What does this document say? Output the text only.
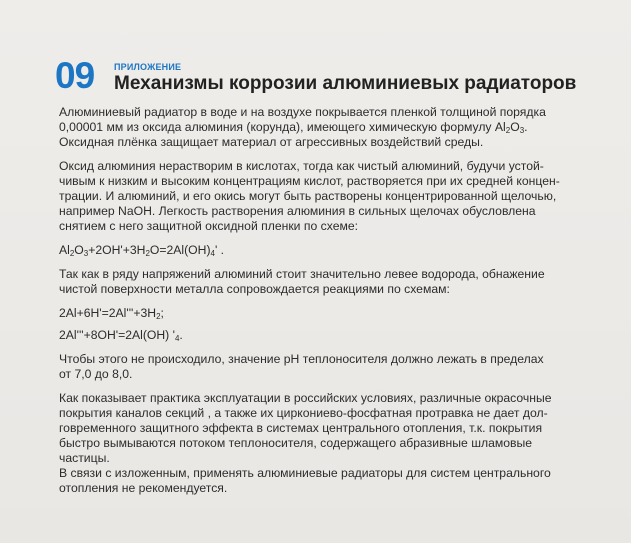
09 ПРИЛОЖЕНИЕ
Механизмы коррозии алюминиевых радиаторов

Алюминиевый радиатор в воде и на воздухе покрывается пленкой толщиной порядка

0,00001 мм из оксида алюминия (корунда), имеющего химическую формулу $Al_2O_3$.

Оксидная плёнка защищает материал от агрессивных воздействий среды.

Оксид алюминия нерастворим в кислотах, тогда как чистый алюминий, будучи устой-

чивым к низким и высоким концентрациям кислот, растворяется при их средней концен-

трации. И алюминий, и его окись могут быть растворены концентрированной щелочью,

например NaOH. Легкость растворения алюминия в сильных щелочах обусловлена

снятием с него защитной оксидной пленки по схеме:

$Al_2O_3+2OH'+3H_2O=2Al(OH)_4'$ .

Так как в ряду напряжений алюминий стоит значительно левее водорода, обнажение

чистой поверхности металла сопровождается реакциями по схемам:

$2Al+6H'=2Al'''+3H_2$;

2Al'''+8OH'=2Al(OH) '$_4$.

Чтобы этого не происходило, значение pH теплоносителя должно лежать в пределах

от 7,0 до 8,0.

Как показывает практика эксплуатации в российских условиях, различные окрасочные

покрытия каналов секций , а также их циркониево-фосфатная протравка не дает дол-

говременного защитного эффекта в системах центрального отопления, т.к. покрытия

быстро вымываются потоком теплоносителя, содержащего абразивные шламовые

частицы.

В связи с изложенным, применять алюминиевые радиаторы для систем центрального

отопления не рекомендуется.
